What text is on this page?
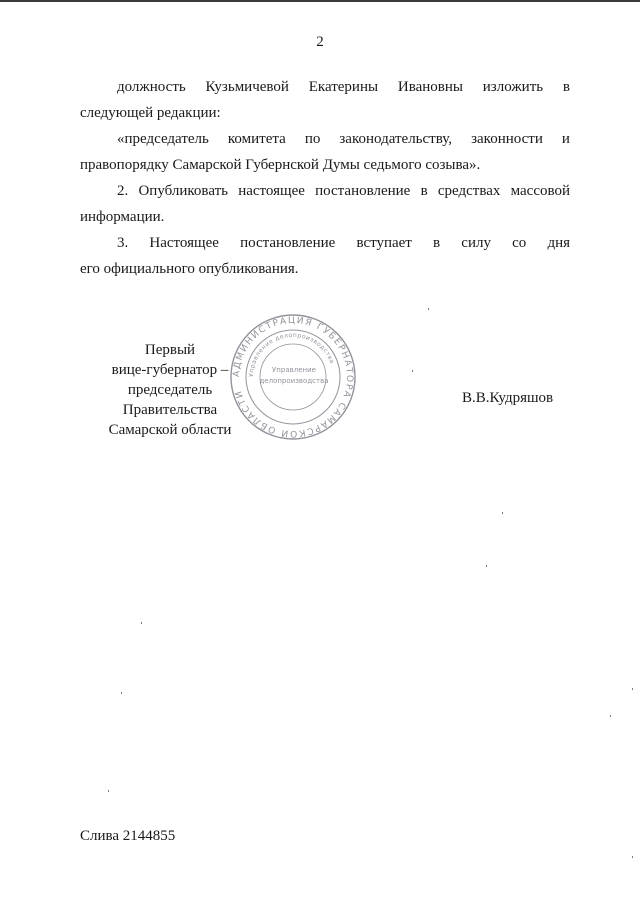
2
должность Кузьмичевой Екатерины Ивановны изложить в
следующей редакции:
«председатель комитета по законодательству, законности и
правопорядку Самарской Губернской Думы седьмого созыва».
2. Опубликовать настоящее постановление в средствах массовой
информации.
3. Настоящее постановление вступает в силу со дня
его официального опубликования.
АДМИНИСТРАЦИЯ ГУБЕРНАТОРА САМАРСКОЙ ОБЛАСТИ
Управление делопроизводства
Управление
делопроизводства
Первый
вице-губернатор –
председатель Правительства
Самарской области
В.В.Кудряшов
Слива 2144855
